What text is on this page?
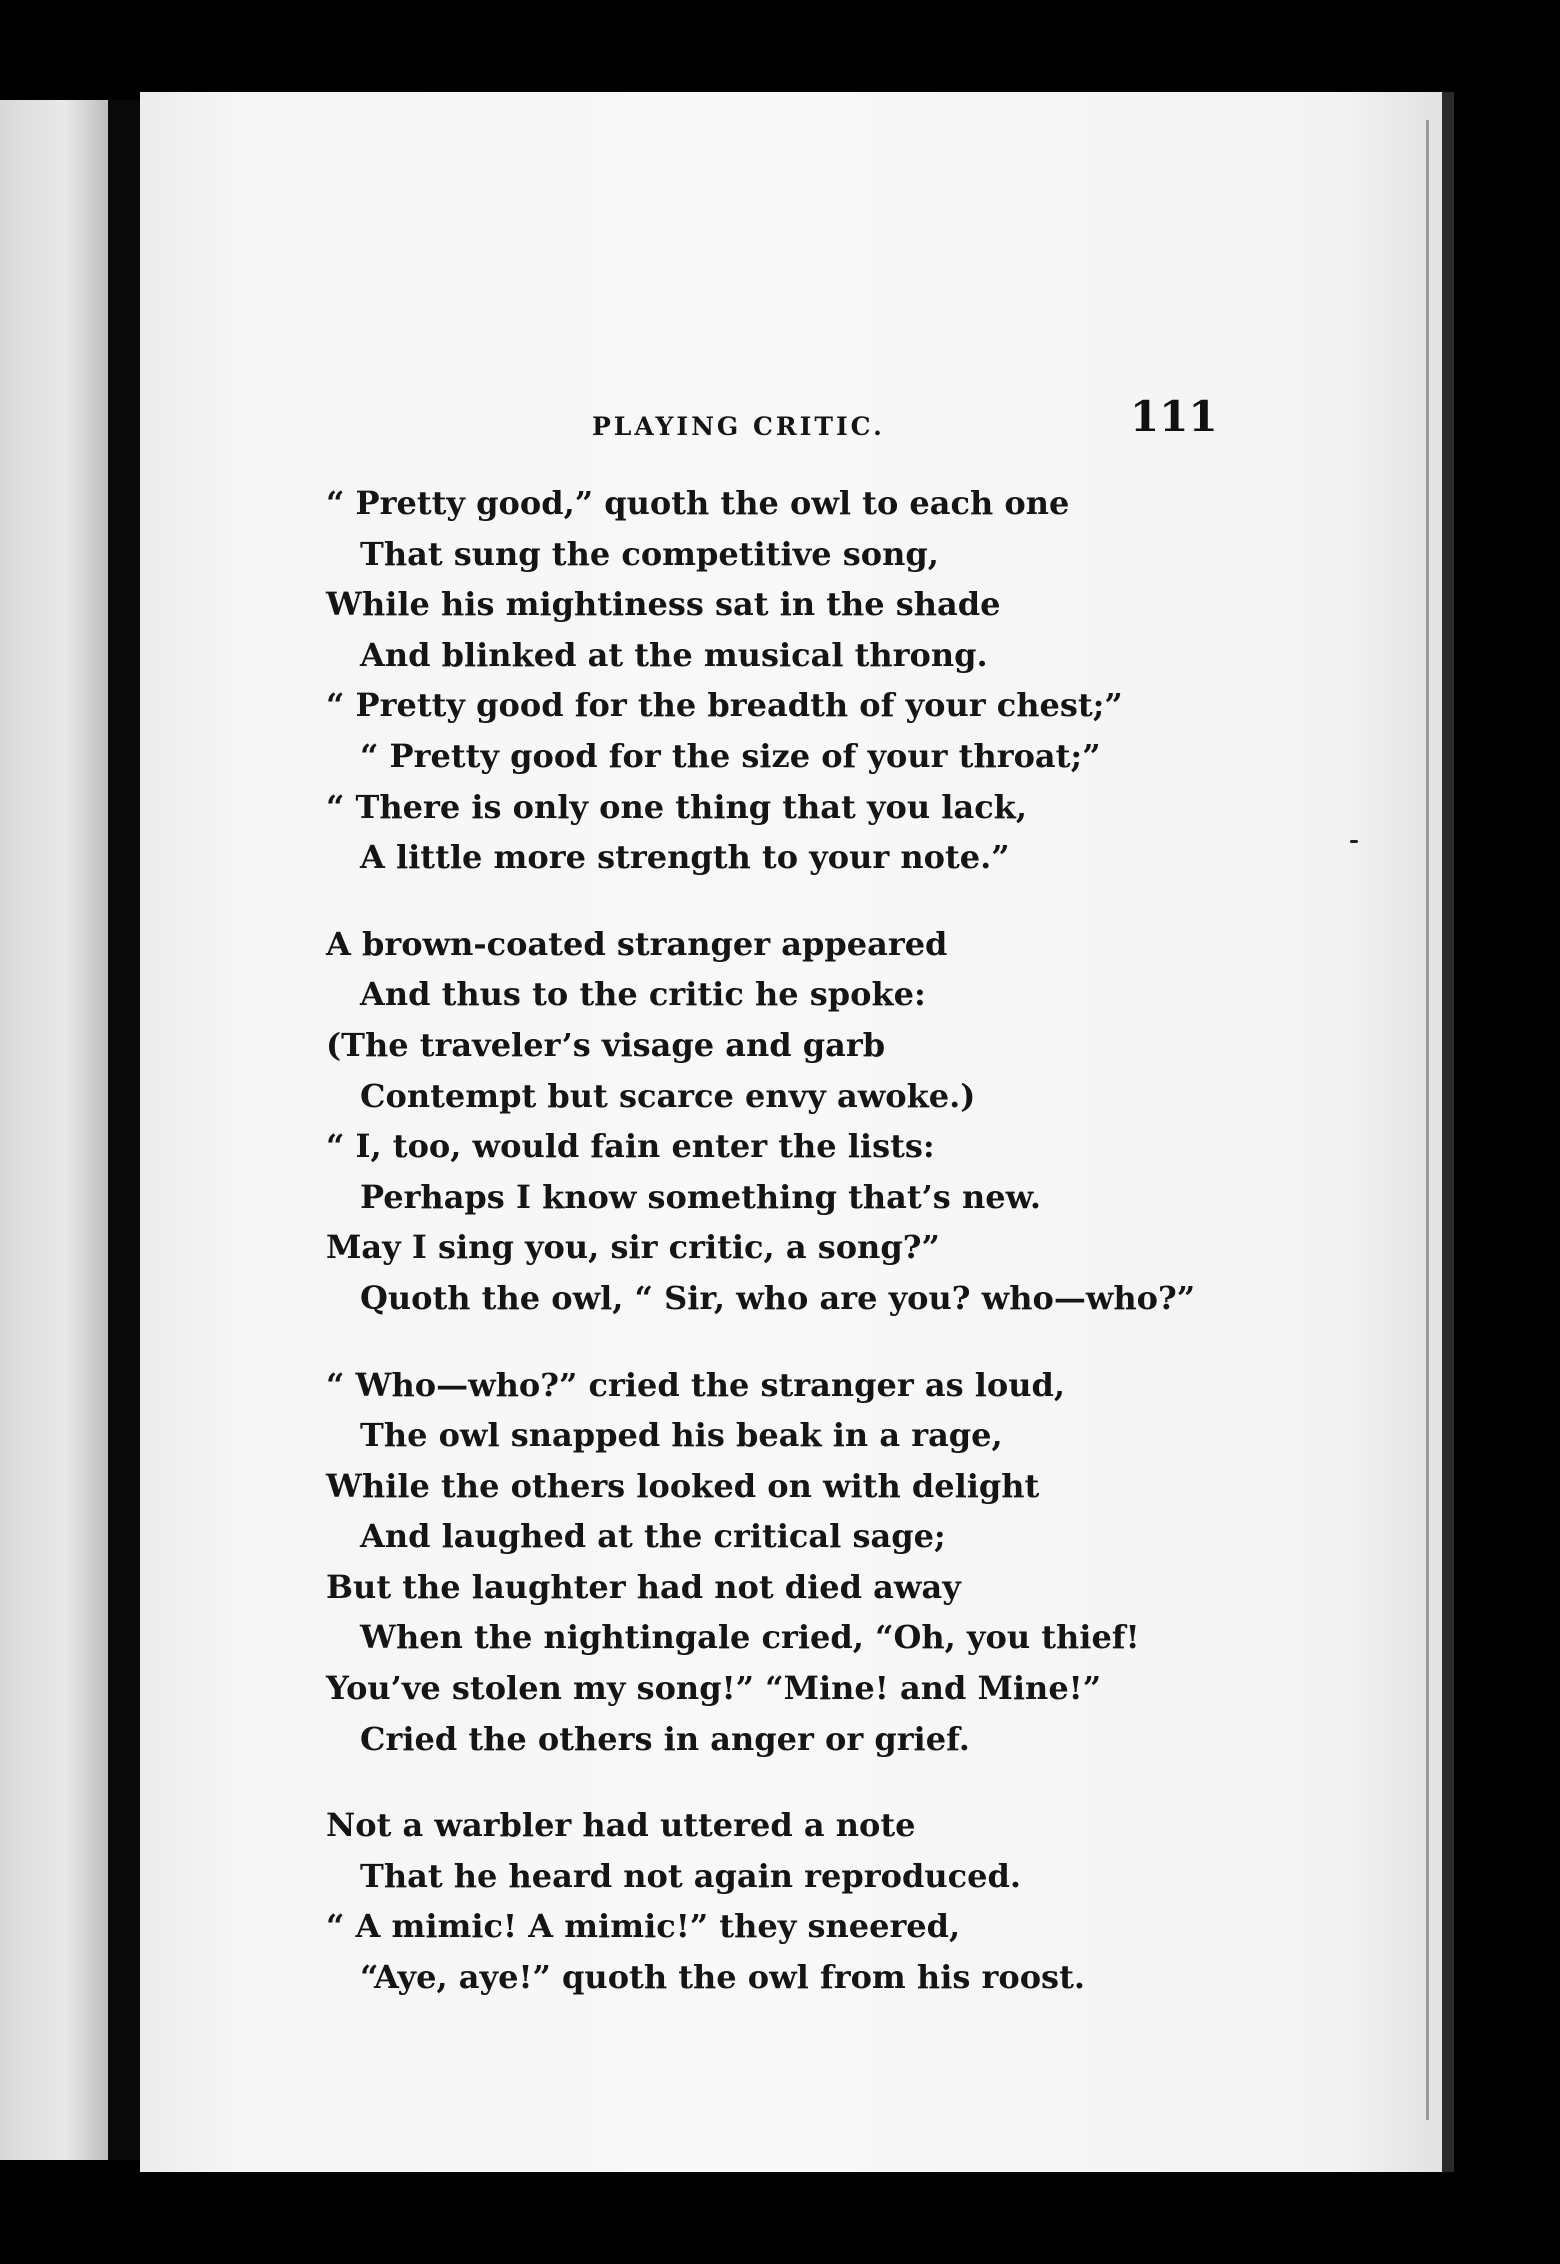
PLAYING CRITIC.	111
“ Pretty good,” quoth the owl to each one
That sung the competitive song,
While his mightiness sat in the shade
And blinked at the musical throng.
“ Pretty good for the breadth of your chest;”
“ Pretty good for the size of your throat;”
“ There is only one thing that you lack,
A little more strength to your note.”
A brown-coated stranger appeared
And thus to the critic he spoke:
(The traveler’s visage and garb
Contempt but scarce envy awoke.)
“ I, too, would fain enter the lists:
Perhaps I know something that’s new.
May I sing you, sir critic, a song?”
Quoth the owl, “ Sir, who are you? who—who?”
“ Who—who?” cried the stranger as loud,
The owl snapped his beak in a rage,
While the others looked on with delight
And laughed at the critical sage;
But the laughter had not died away
When the nightingale cried, “Oh, you thief!
You’ve stolen my song!” “Mine! and Mine!”
Cried the others in anger or grief.
Not a warbler had uttered a note
That he heard not again reproduced.
“ A mimic! A mimic!” they sneered,
“Aye, aye!” quoth the owl from his roost.
